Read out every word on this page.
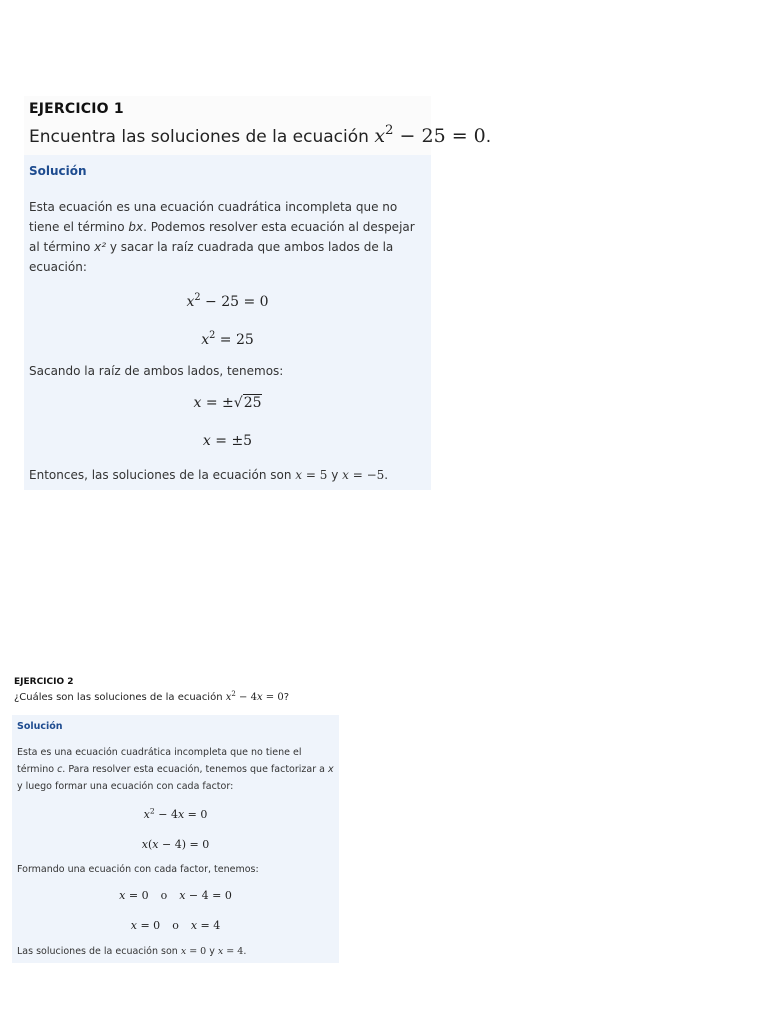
EJERCICIO 1

Encuentra las soluciones de la ecuación $x^2 - 25 = 0$.

Solución

Esta ecuación es una ecuación cuadrática incompleta que no tiene el término bx. Podemos resolver esta ecuación al despejar al término x² y sacar la raíz cuadrada que ambos lados de la ecuación:

$x^2 - 25 = 0$
$x^2 = 25$

Sacando la raíz de ambos lados, tenemos:

x = ±√25
x = ±5

Entonces, las soluciones de la ecuación son x = 5 y x = −5.

EJERCICIO 2

¿Cuáles son las soluciones de la ecuación $x^2 - 4x = 0$?

Solución

Esta es una ecuación cuadrática incompleta que no tiene el término c. Para resolver esta ecuación, tenemos que factorizar a x y luego formar una ecuación con cada factor:

$x^2 - 4x = 0$
x(x − 4) = 0

Formando una ecuación con cada factor, tenemos:

x = 0 o x − 4 = 0
x = 0 o x = 4

Las soluciones de la ecuación son x = 0 y x = 4.
